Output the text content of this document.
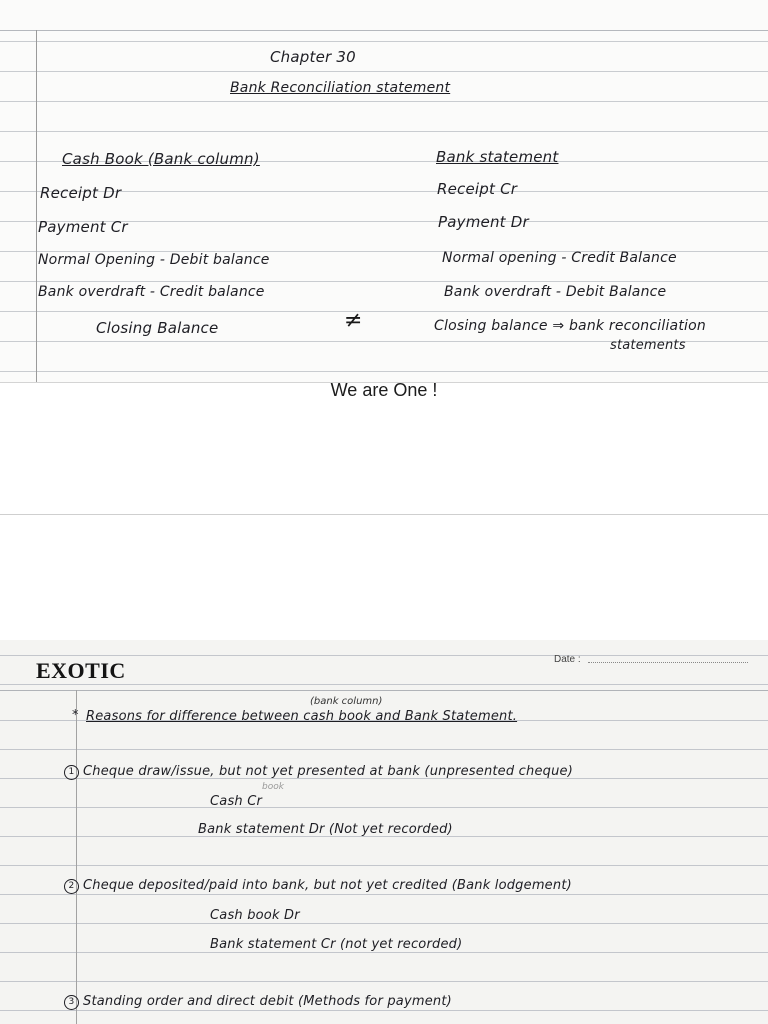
Chapter 30
Bank Reconciliation statement
Cash Book (Bank column)	Bank statement
Receipt Dr	Receipt Cr
Payment Cr	Payment Dr
Normal Opening - Debit balance	Normal opening - Credit Balance
Bank overdraft - Credit balance	Bank overdraft - Debit Balance
Closing Balance	≠	Closing balance ⇒ bank reconciliation
statements
We are One !
EXOTIC	Date :
(bank column)
* Reasons for difference between cash book and Bank Statement.
1 Cheque draw/issue, but not yet presented at bank (unpresented cheque)
book
Cash Cr
Bank statement Dr (Not yet recorded)
2 Cheque deposited/paid into bank, but not yet credited (Bank lodgement)
Cash book Dr
Bank statement Cr (not yet recorded)
3 Standing order and direct debit (Methods for payment)
